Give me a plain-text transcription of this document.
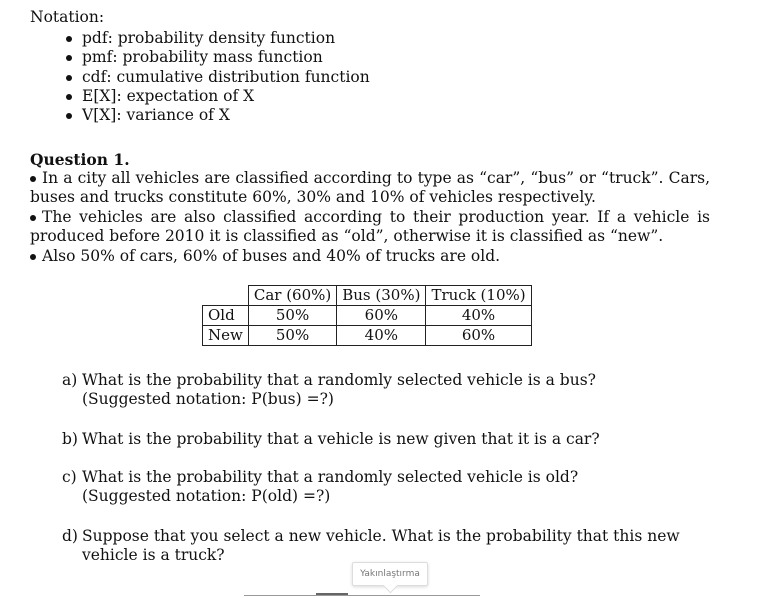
Notation:
pdf: probability density function
pmf: probability mass function
cdf: cumulative distribution function
E[X]: expectation of X
V[X]: variance of X
Question 1.
In a city all vehicles are classified according to type as “car”, “bus” or “truck”. Cars, buses and trucks constitute 60%, 30% and 10% of vehicles respectively.
The vehicles are also classified according to their production year. If a vehicle is produced before 2010 it is classified as “old”, otherwise it is classified as “new”.
Also 50% of cars, 60% of buses and 40% of trucks are old.
	Car (60%)	Bus (30%)	Truck (10%)
Old	50%	60%	40%
New	50%	40%	60%
a) What is the probability that a randomly selected vehicle is a bus?
(Suggested notation: P(bus) =?)
b) What is the probability that a vehicle is new given that it is a car?
c) What is the probability that a randomly selected vehicle is old?
(Suggested notation: P(old) =?)
d) Suppose that you select a new vehicle. What is the probability that this new vehicle is a truck?
Yakınlaştırma
